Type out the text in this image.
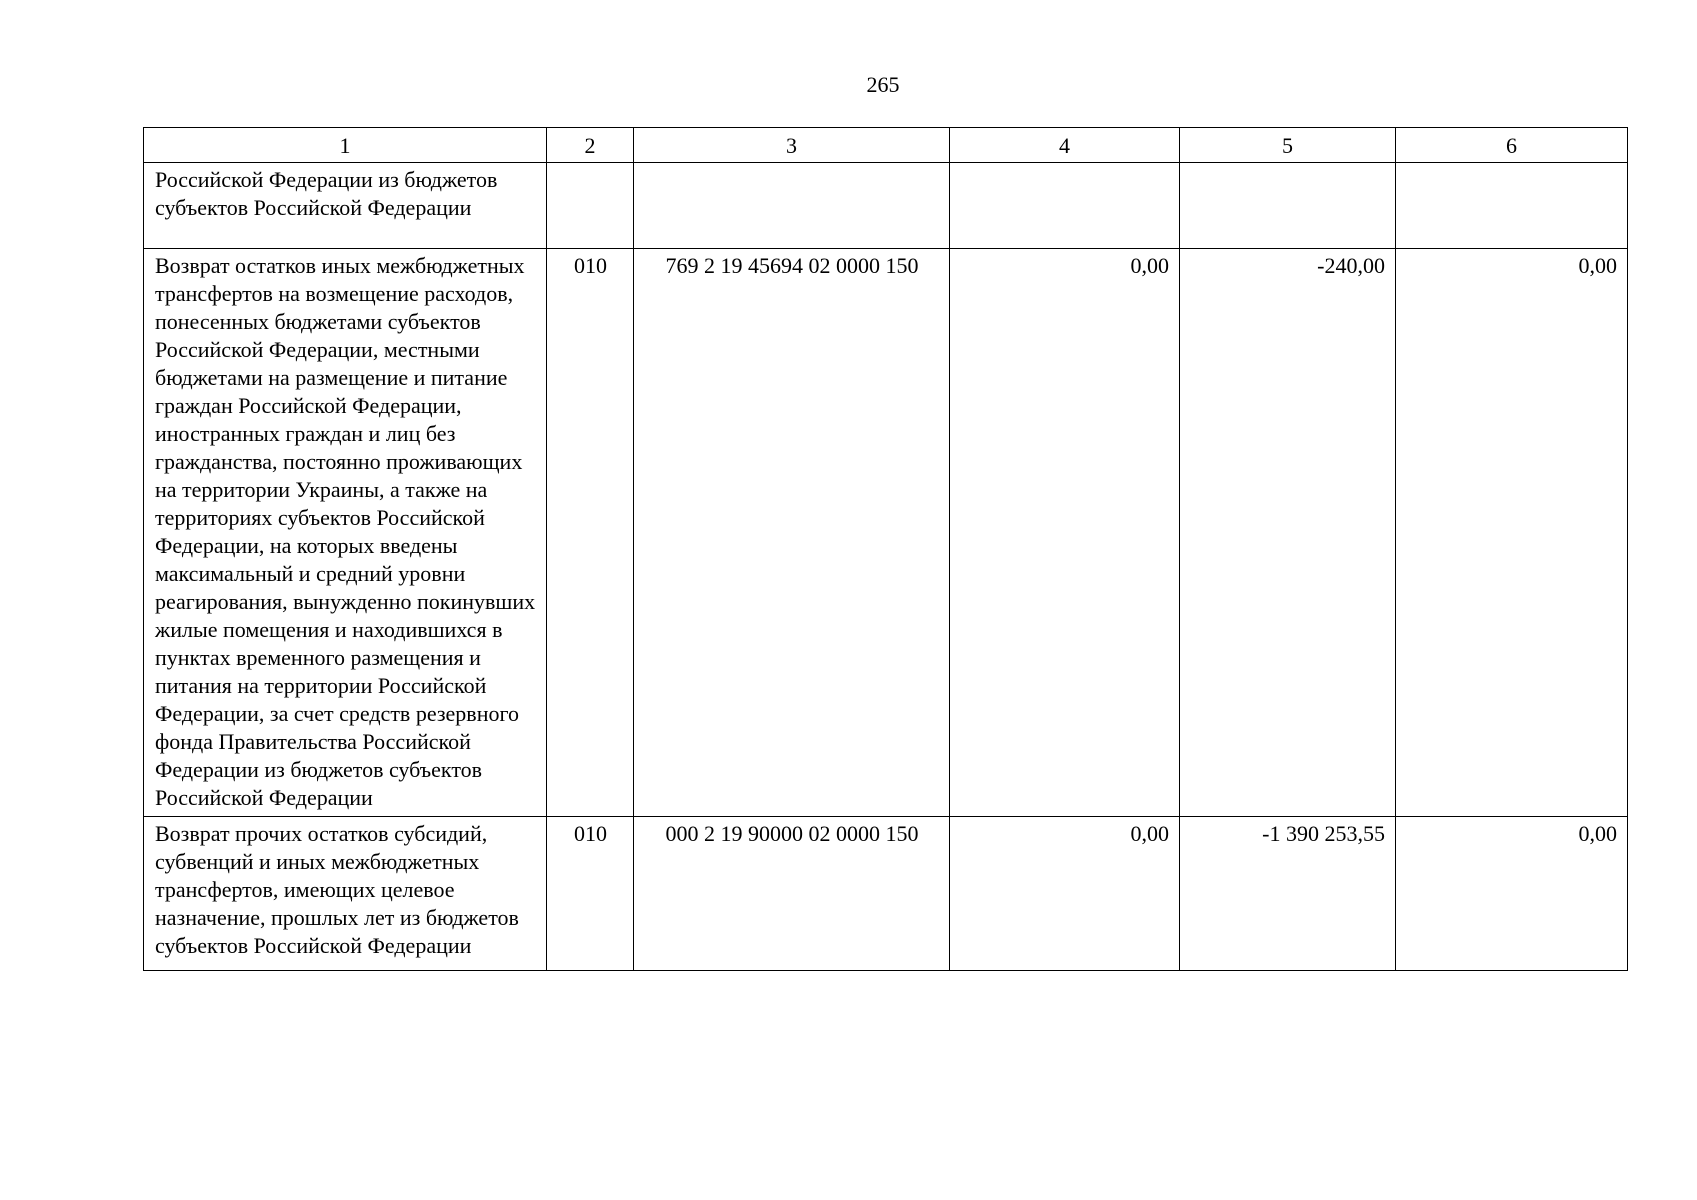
265
1	2	3	4	5	6
Российской Федерации из бюджетов субъектов Российской Федерации					
Возврат остатков иных межбюджетных трансфертов на возмещение расходов, понесенных бюджетами субъектов Российской Федерации, местными бюджетами на размещение и питание граждан Российской Федерации, иностранных граждан и лиц без гражданства, постоянно проживающих на территории Украины, а также на территориях субъектов Российской Федерации, на которых введены максимальный и средний уровни реагирования, вынужденно покинувших жилые помещения и находившихся в пунктах временного размещения и питания на территории Российской Федерации, за счет средств резервного фонда Правительства Российской Федерации из бюджетов субъектов Российской Федерации	010	769 2 19 45694 02 0000 150	0,00	-240,00	0,00
Возврат прочих остатков субсидий, субвенций и иных межбюджетных трансфертов, имеющих целевое назначение, прошлых лет из бюджетов субъектов Российской Федерации	010	000 2 19 90000 02 0000 150	0,00	-1 390 253,55	0,00
